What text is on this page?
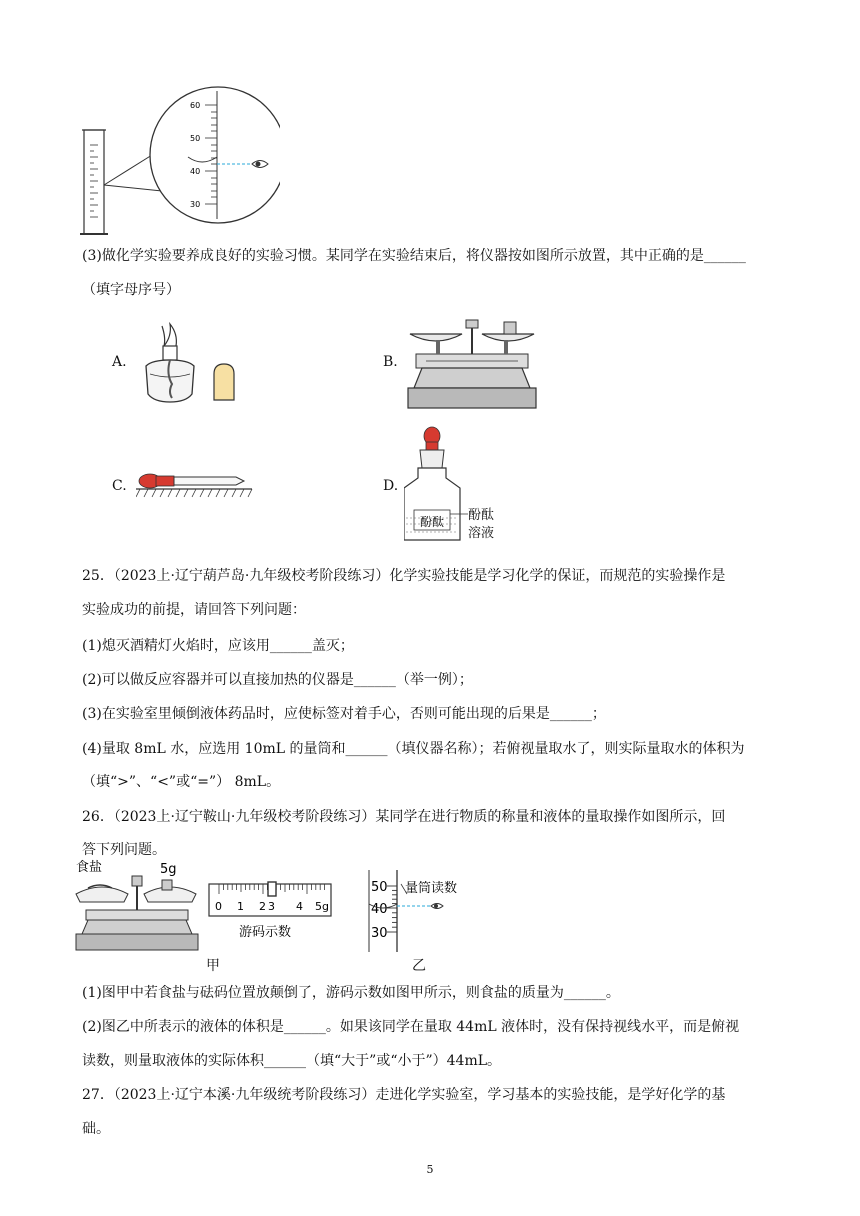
60
50
40
30
(3)做化学实验要养成良好的实验习惯。某同学在实验结束后，将仪器按如图所示放置，其中正确的是______
（填字母序号）
A.	B.
C.	D.
酚酞 酚酞
溶液
25．（2023上·辽宁葫芦岛·九年级校考阶段练习）化学实验技能是学习化学的保证，而规范的实验操作是
实验成功的前提，请回答下列问题：
(1)熄灭酒精灯火焰时，应该用______盖灭；
(2)可以做反应容器并可以直接加热的仪器是______（举一例）；
(3)在实验室里倾倒液体药品时，应使标签对着手心，否则可能出现的后果是______；
(4)量取 8mL 水，应选用 10mL 的量筒和______（填仪器名称）；若俯视量取水了，则实际量取水的体积为
（填“>”、“<”或“=”） 8mL。
26．（2023上·辽宁鞍山·九年级校考阶段练习）某同学在进行物质的称量和液体的量取操作如图所示，回
答下列问题。
食盐	5g
0 1 2 3 4 5g
游码示数
50
40
30
量筒读数
甲	乙
(1)图甲中若食盐与砝码位置放颠倒了，游码示数如图甲所示，则食盐的质量为______。
(2)图乙中所表示的液体的体积是______。如果该同学在量取 44mL 液体时，没有保持视线水平，而是俯视
读数，则量取液体的实际体积______（填“大于”或“小于”）44mL。
27．（2023上·辽宁本溪·九年级统考阶段练习）走进化学实验室，学习基本的实验技能，是学好化学的基
础。
5
